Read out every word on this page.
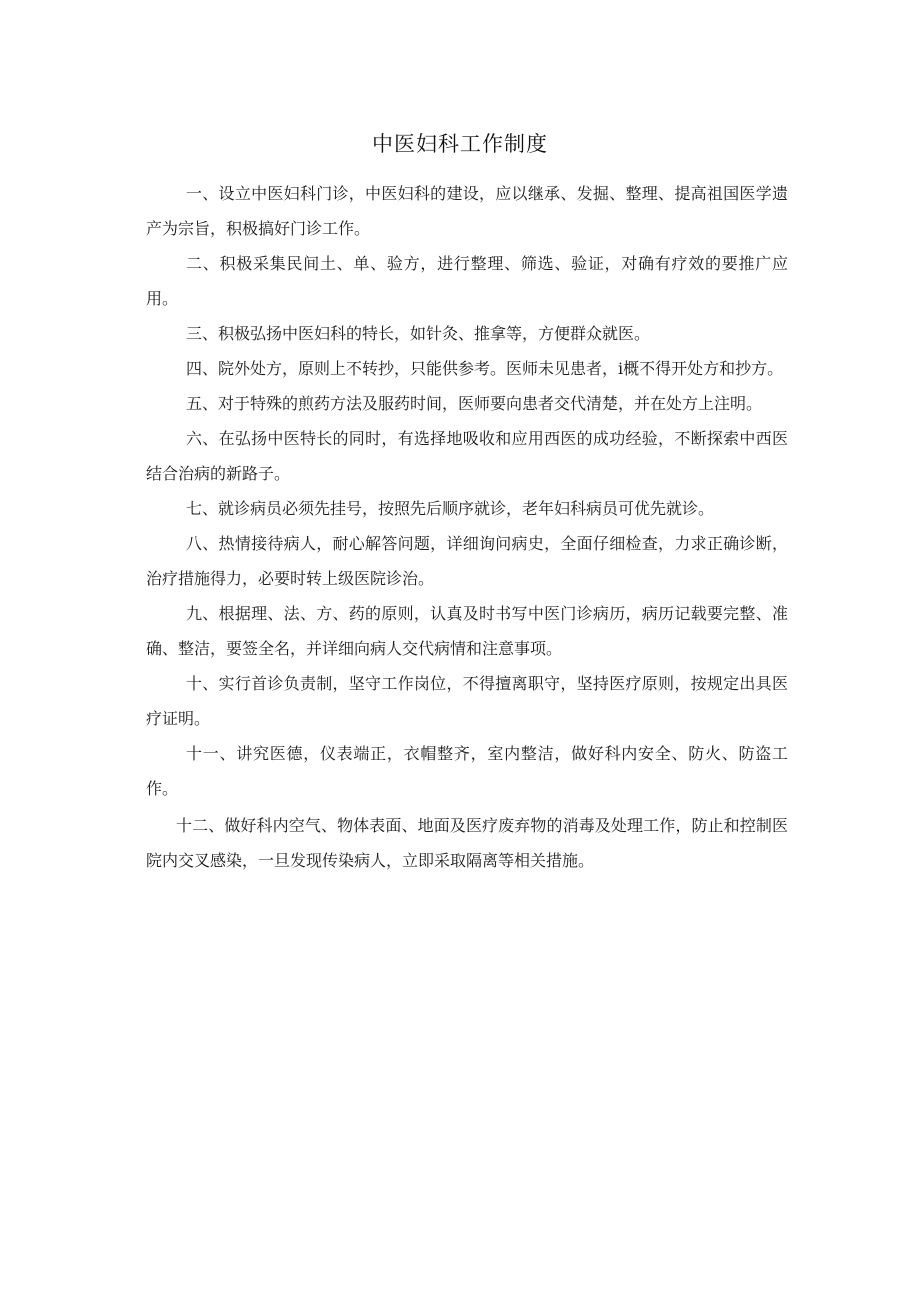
中医妇科工作制度

一、设立中医妇科门诊，中医妇科的建设，应以继承、发掘、整理、提高祖国医学遗产为宗旨，积极搞好门诊工作。

二、积极采集民间土、单、验方，进行整理、筛选、验证，对确有疗效的要推广应用。

三、积极弘扬中医妇科的特长，如针灸、推拿等，方便群众就医。

四、院外处方，原则上不转抄，只能供参考。医师未见患者，i概不得开处方和抄方。

五、对于特殊的煎药方法及服药时间，医师要向患者交代清楚，并在处方上注明。

六、在弘扬中医特长的同时，有选择地吸收和应用西医的成功经验，不断探索中西医结合治病的新路子。

七、就诊病员必须先挂号，按照先后顺序就诊，老年妇科病员可优先就诊。

八、热情接待病人，耐心解答问题，详细询问病史，全面仔细检查，力求正确诊断，治疗措施得力，必要时转上级医院诊治。

九、根据理、法、方、药的原则，认真及时书写中医门诊病历，病历记载要完整、准确、整洁，要签全名，并详细向病人交代病情和注意事项。

十、实行首诊负责制，坚守工作岗位，不得擅离职守，坚持医疗原则，按规定出具医疗证明。

十一、讲究医德，仪表端正，衣帽整齐，室内整洁，做好科内安全、防火、防盗工作。

十二、做好科内空气、物体表面、地面及医疗废弃物的消毒及处理工作，防止和控制医院内交叉感染，一旦发现传染病人，立即采取隔离等相关措施。
